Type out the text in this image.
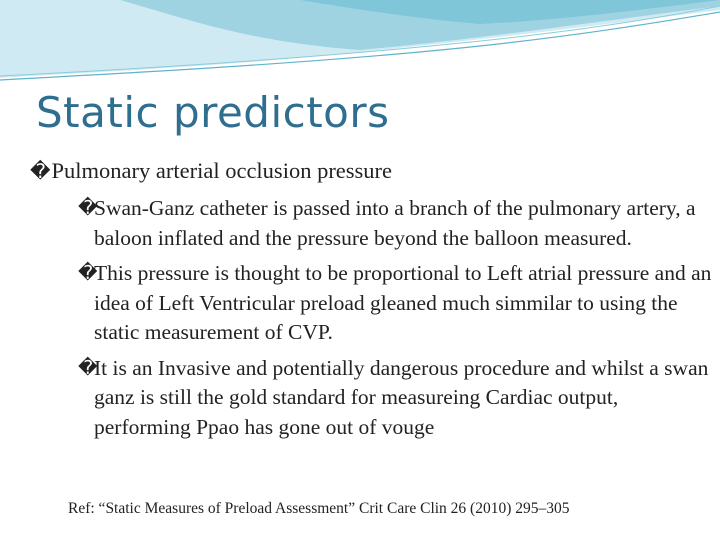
Static predictors
�Pulmonary arterial occlusion pressure
�
Swan-Ganz catheter is passed into a branch of the pulmonary artery, a baloon inflated and the pressure beyond the balloon measured.
�
This pressure is thought to be proportional to Left atrial pressure and an idea of Left Ventricular preload gleaned much simmilar to using the static measurement of CVP.
�
It is an Invasive and potentially dangerous procedure and whilst a swan ganz is still the gold standard for measureing Cardiac output, performing Ppao has gone out of vouge
Ref: “Static Measures of Preload Assessment” Crit Care Clin 26 (2010) 295–305
